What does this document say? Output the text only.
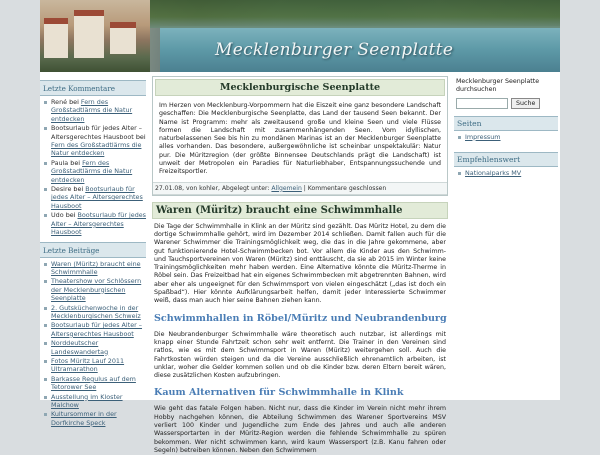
Mecklenburger Seenplatte
Letzte Kommentare
René bei Fern des Großstadtlärms die Natur entdecken
Bootsurlaub für jedes Alter – Altersgerechtes Hausboot bei Fern des Großstadtlärms die Natur entdecken
Paula bei Fern des Großstadtlärms die Natur entdecken
Desire bei Bootsurlaub für jedes Alter – Altersgerechtes Hausboot
Udo bei Bootsurlaub für jedes Alter – Altersgerechtes Hausboot
Letzte Beiträge
Waren (Müritz) braucht eine Schwimmhalle
Theatershow vor Schlössern der Mecklenburgischen Seenplatte
2. Gutsküchenwoche in der Mecklenburgischen Schweiz
Bootsurlaub für jedes Alter – Altersgerechtes Hausboot
Norddeutscher Landeswandertag
Fotos Müritz Lauf 2011 Ultramarathon
Barkasse Regulus auf dem Tetorower See
Ausstellung im Kloster Malchow
Kultursommer in der Dorfkirche Speck
Mecklenburgische Seenplatte
Im Herzen von Mecklenburg-Vorpommern hat die Eiszeit eine ganz besondere Landschaft geschaffen: Die Mecklenburgische Seenplatte, das Land der tausend Seen bekannt. Der Name ist Programm: mehr als zweitausend große und kleine Seen und viele Flüsse formen die Landschaft mit zusammenhängenden Seen. Vom idyllischen, naturbelassenen See bis hin zu mondänen Marinas ist an der Mecklenburger Seenplatte alles vorhanden. Das besondere, außergewöhnliche ist scheinbar unspektakulär: Natur pur. Die Müritzregion (der größte Binnensee Deutschlands prägt die Landschaft) ist unweit der Metropolen ein Paradies für Naturliebhaber, Entspannungssuchende und Freizeitsportler.
27.01.08, von kohler, Abgelegt unter: Allgemein | Kommentare geschlossen
Waren (Müritz) braucht eine Schwimmhalle
Die Tage der Schwimmhalle in Klink an der Müritz sind gezählt. Das Müritz Hotel, zu dem die dortige Schwimmhalle gehört, wird im Dezember 2014 schließen. Damit fallen auch für die Warener Schwimmer die Trainingsmöglichkeit weg, die das in die Jahre gekommene, aber gut funktionierende Hotel-Schwimmbecken bot. Vor allem die Kinder aus den Schwimm- und Tauchsportvereinen von Waren (Müritz) sind enttäuscht, da sie ab 2015 im Winter keine Trainingsmöglichkeiten mehr haben werden. Eine Alternative könnte die Müritz-Therme in Röbel sein. Das Freizeitbad hat ein eigenes Schwimmbecken mit abgetrennten Bahnen, wird aber eher als ungeeignet für den Schwimmsport von vielen eingeschätzt („das ist doch ein Spaßbad“). Hier könnte Aufklärungsarbeit helfen, damit jeder Interessierte Schwimmer weiß, dass man auch hier seine Bahnen ziehen kann.
Schwimmhallen in Röbel/Müritz und Neubrandenburg
Die Neubrandenburger Schwimmhalle wäre theoretisch auch nutzbar, ist allerdings mit knapp einer Stunde Fahrtzeit schon sehr weit entfernt. Die Trainer in den Vereinen sind ratlos, wie es mit dem Schwimmsport in Waren (Müritz) weitergehen soll. Auch die Fahrtkosten würden steigen und da die Vereine ausschließlich ehrenamtlich arbeiten, ist unklar, woher die Gelder kommen sollen und ob die Kinder bzw. deren Eltern bereit wären, diese zusätzlichen Kosten aufzubringen.
Kaum Alternativen für Schwimmhalle in Klink
Wie geht das fatale Folgen haben. Nicht nur, dass die Kinder im Verein nicht mehr ihrem Hobby nachgehen können, die Abteilung Schwimmen des Warener Sportvereins MSV verliert 100 Kinder und Jugendliche zum Ende des Jahres und auch alle anderen Wassersportarten in der Müritz-Region werden die fehlende Schwimmhalle zu spüren bekommen. Wer nicht schwimmen kann, wird kaum Wassersport (z.B. Kanu fahren oder Segeln) betreiben können. Neben den Schwimmern
Mecklenburger Seenplatte durchsuchen
Suche
Seiten
Impressum
Empfehlenswert
Nationalparks MV
